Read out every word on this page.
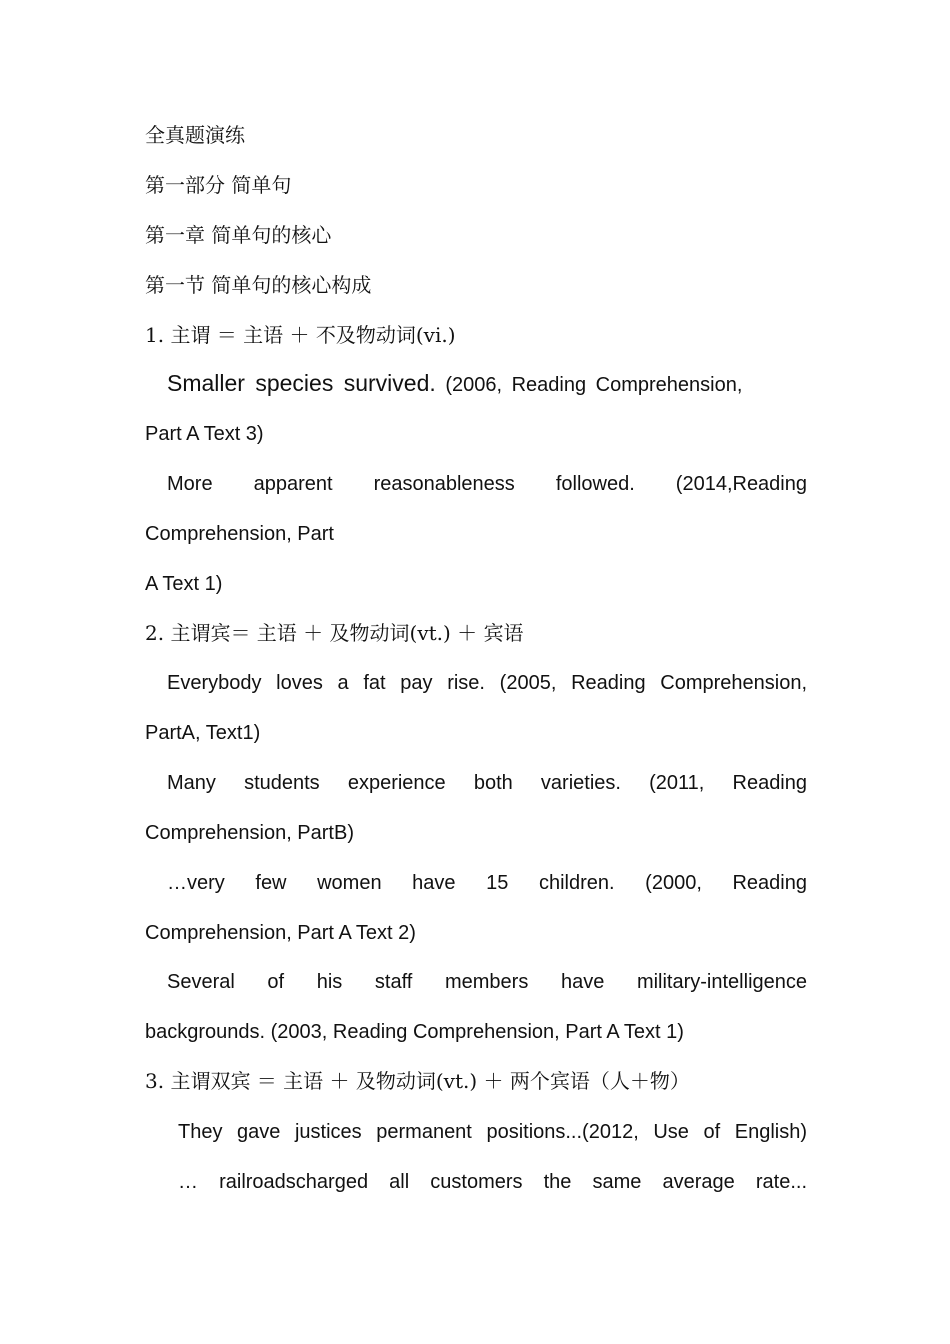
全真题演练
第一部分 简单句
第一章 简单句的核心
第一节 简单句的核心构成
1. 主谓 ＝ 主语 ＋ 不及物动词(vi.)
Smaller species survived. (2006, Reading Comprehension,
Part A Text 3)
More apparent reasonableness followed. (2014,Reading
Comprehension, Part
A Text 1)
2. 主谓宾＝ 主语 ＋ 及物动词(vt.) ＋ 宾语
Everybody loves a fat pay rise. (2005, Reading Comprehension,
PartA, Text1)
Many students experience both varieties. (2011, Reading
Comprehension, PartB)
…very few women have 15 children. (2000, Reading
Comprehension, Part A Text 2)
Several of his staff members have military-intelligence
backgrounds. (2003, Reading Comprehension, Part A Text 1)
3. 主谓双宾 ＝ 主语 ＋ 及物动词(vt.) ＋ 两个宾语（人＋物）
They gave justices permanent positions...(2012, Use of English)
… railroadscharged all customers the same average rate...
